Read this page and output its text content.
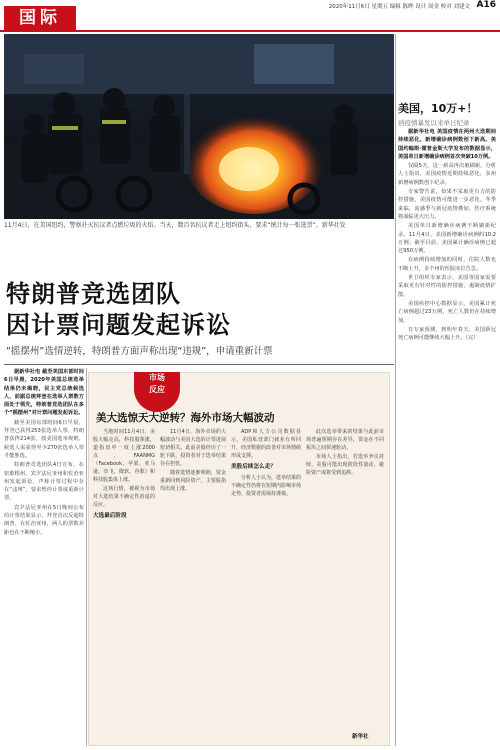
国际
2020年11月6日 星期五 编辑 陈晔 设计 周金 校对 刘建文 A16
11月4日，在美国纽约，警察扑灭抗议者点燃垃圾的火焰。当天，数百名抗议者走上纽约街头，要求“统计每一张选票”。新华社发
特朗普竞选团队
因计票问题发起诉讼
“摇摆州”选情逆转，特朗普方面声称出现“违规”，申请重新计票

据新华社电 截至美国东部时间6日早晨，2020年美国总统选举结果仍未揭晓，民主党总统候选人、前副总统拜登在选举人票数方面处于领先，特朗普竞选团队在多个“摇摆州”对计票问题发起诉讼。

截至美国东部时间6日早晨，拜登已获得253张选举人票，特朗普获得214张。按美国选举规则，候选人需获得至少270张选举人票才能胜选。

特朗普竞选团队4日宣布，在密歇根州、宾夕法尼亚州和佐治亚州发起诉讼，声称计票过程中存在“违规”，要求暂停计票或重新计票。

宾夕法尼亚州在5日晚间公布的计票结果显示，拜登首次反超特朗普。在佐治亚州，两人的票数差距也在不断缩小。

市场
反应
美大选惊天大逆转？海外市场大幅波动

当地时间11月4日，美股大幅走高，科技股领涨，道指盘中一度上涨2000点，FAANMG（Facebook、苹果、亚马逊、奈飞、微软、谷歌）和科技股集体上涨。

这场行情，被视为市场对大选结果不确定性消退的反应。

大选最后阶段

11月4日，海外市场的大幅波动与美国大选的计票进展密切相关。此前美股经历了一轮下跌，投资者对于选举结果存在担忧。

随着选情逐渐明朗，资金重新回到风险资产，主要股指均出现上涨。

ADP和人力公司数据显示，美国私营部门就业有所回升，经济数据的改善对市场情绪形成支撑。

美股后续怎么走？

分析人士认为，选举结果的不确定性仍将在短期内影响市场走势，投资者需保持谨慎。

此次选举带来的结果与此前市场普遍预期存在差异，资金在不同板块之间快速轮动。

市场人士指出，若选举争议持续，美股可能出现阶段性波动，避险资产或将受到追捧。

新华社
美国，10万+！
创疫情暴发以来单日纪录

据新华社电 美国疫情在两州大选期间持续恶化，新增确诊病例数创下新高。美国约翰斯·霍普金斯大学发布的数据显示，美国单日新增确诊病例首次突破10万例。

仅隔5天，这一新高再次被刷新。分析人士指出，美国疫情近期持续恶化，多州新增病例数创下纪录。

专家警告说，如果不采取更有力的防控措施，美国疫情可能进一步恶化。冬季来临，流感季与新冠疫情叠加，医疗系统将面临更大压力。

美国单日新增确诊病例不断刷新纪录。11月4日，美国新增确诊病例约10.2万例；截至目前，美国累计确诊病例已超过950万例。

在病例持续增加的同时，住院人数也不断上升，多个州的医院床位告急。

世卫组织专家表示，美国等国家需要采取更有针对性的防控措施，遏制疫情扩散。

美国疾控中心数据显示，美国累计死亡病例超过23万例，死亡人数仍在持续增加。

有专家预测，到明年春天，美国新冠死亡病例可能继续大幅上升。（完）
